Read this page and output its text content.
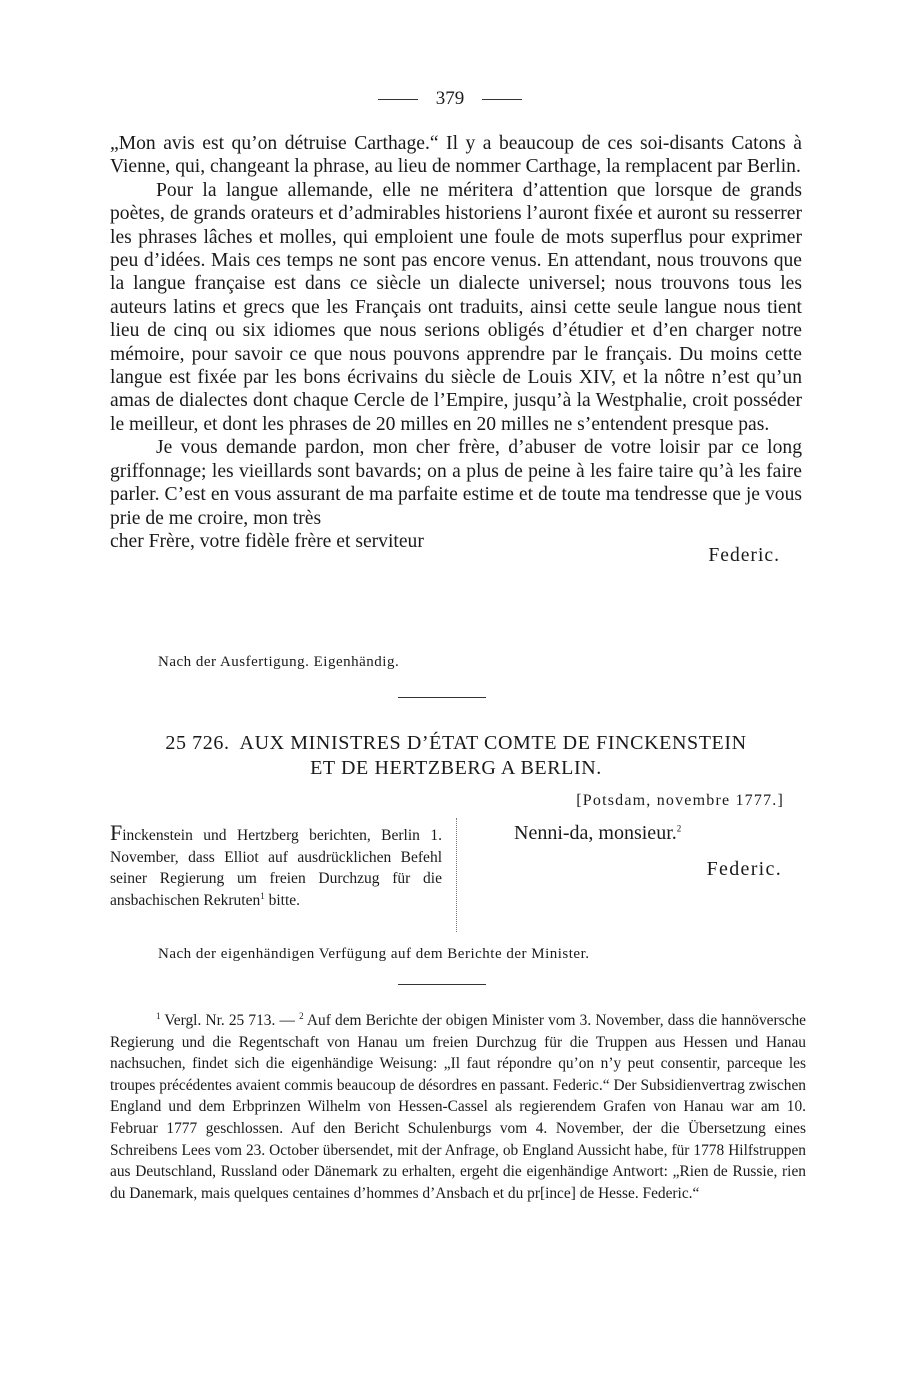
379

„Mon avis est qu’on détruise Carthage.“ Il y a beaucoup de ces soi-disants Catons à Vienne, qui, changeant la phrase, au lieu de nommer Carthage, la remplacent par Berlin.

Pour la langue allemande, elle ne méritera d’attention que lorsque de grands poètes, de grands orateurs et d’admirables historiens l’auront fixée et auront su resserrer les phrases lâches et molles, qui emploient une foule de mots superflus pour exprimer peu d’idées. Mais ces temps ne sont pas encore venus. En attendant, nous trouvons que la langue française est dans ce siècle un dialecte universel; nous trouvons tous les auteurs latins et grecs que les Français ont traduits, ainsi cette seule langue nous tient lieu de cinq ou six idiomes que nous serions obligés d’étudier et d’en charger notre mémoire, pour savoir ce que nous pouvons apprendre par le français. Du moins cette langue est fixée par les bons écrivains du siècle de Louis XIV, et la nôtre n’est qu’un amas de dialectes dont chaque Cercle de l’Empire, jusqu’à la Westphalie, croit posséder le meilleur, et dont les phrases de 20 milles en 20 milles ne s’entendent presque pas.

Je vous demande pardon, mon cher frère, d’abuser de votre loisir par ce long griffonnage; les vieillards sont bavards; on a plus de peine à les faire taire qu’à les faire parler. C’est en vous assurant de ma parfaite estime et de toute ma tendresse que je vous prie de me croire, mon très

cher Frère, votre fidèle frère et serviteur
Federic.
Nach der Ausfertigung. Eigenhändig.
25 726. AUX MINISTRES D’ÉTAT COMTE DE FINCKENSTEIN
ET DE HERTZBERG A BERLIN.
[Potsdam, novembre 1777.]
Finckenstein und Hertzberg berichten, Berlin 1. November, dass Elliot auf ausdrücklichen Befehl seiner Regierung um freien Durchzug für die ansbachischen Rekruten$^1$ bitte.
Nenni-da, monsieur.$^2$
Federic.
Nach der eigenhändigen Verfügung auf dem Berichte der Minister.

$^1$ Vergl. Nr. 25 713. — $^2$ Auf dem Berichte der obigen Minister vom 3. November, dass die hannöversche Regierung und die Regentschaft von Hanau um freien Durchzug für die Truppen aus Hessen und Hanau nachsuchen, findet sich die eigenhändige Weisung: „Il faut répondre qu’on n’y peut consentir, parceque les troupes précédentes avaient commis beaucoup de désordres en passant. Federic.“ Der Subsidienvertrag zwischen England und dem Erbprinzen Wilhelm von Hessen-Cassel als regierendem Grafen von Hanau war am 10. Februar 1777 geschlossen. Auf den Bericht Schulenburgs vom 4. November, der die Übersetzung eines Schreibens Lees vom 23. October übersendet, mit der Anfrage, ob England Aussicht habe, für 1778 Hilfstruppen aus Deutschland, Russland oder Dänemark zu erhalten, ergeht die eigenhändige Antwort: „Rien de Russie, rien du Danemark, mais quelques centaines d’hommes d’Ansbach et du pr[ince] de Hesse. Federic.“
